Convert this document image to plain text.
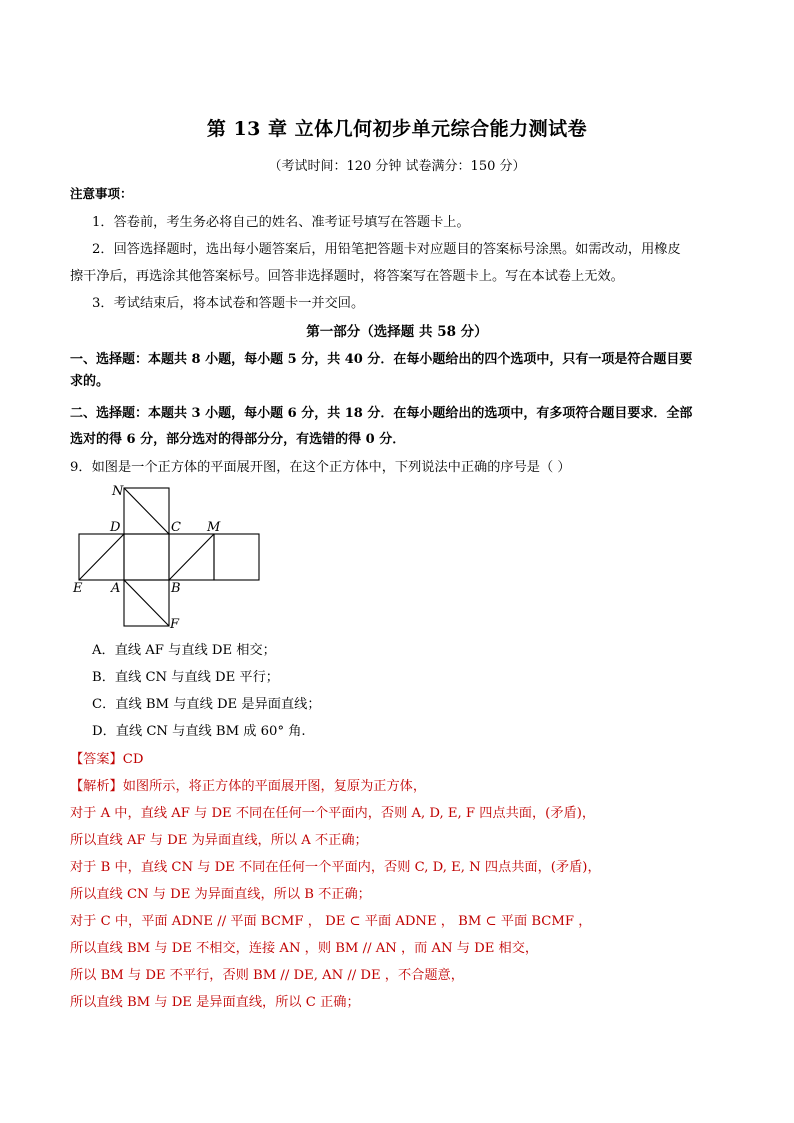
第 13 章 立体几何初步单元综合能力测试卷
（考试时间：120 分钟 试卷满分：150 分）
注意事项：
1．答卷前，考生务必将自己的姓名、准考证号填写在答题卡上。
2．回答选择题时，选出每小题答案后，用铅笔把答题卡对应题目的答案标号涂黑。如需改动，用橡皮
擦干净后，再选涂其他答案标号。回答非选择题时，将答案写在答题卡上。写在本试卷上无效。
3．考试结束后，将本试卷和答题卡一并交回。
第一部分（选择题 共 58 分）
一、选择题：本题共 8 小题，每小题 5 分，共 40 分．在每小题给出的四个选项中，只有一项是符合题目要
求的。
二、选择题：本题共 3 小题，每小题 6 分，共 18 分．在每小题给出的选项中，有多项符合题目要求．全部
选对的得 6 分，部分选对的得部分分，有选错的得 0 分．
9．如图是一个正方体的平面展开图，在这个正方体中，下列说法中正确的序号是（ ）
N
D	C M
E A	B
F
A．直线 AF 与直线 DE 相交；
B．直线 CN 与直线 DE 平行；
C．直线 BM 与直线 DE 是异面直线；
D．直线 CN 与直线 BM 成 60° 角.
【答案】CD
【解析】如图所示，将正方体的平面展开图，复原为正方体，
对于 A 中，直线 AF 与 DE 不同在任何一个平面内，否则 A, D, E, F 四点共面，(矛盾)，
所以直线 AF 与 DE 为异面直线，所以 A 不正确；
对于 B 中，直线 CN 与 DE 不同在任何一个平面内，否则 C, D, E, N 四点共面，(矛盾)，
所以直线 CN 与 DE 为异面直线，所以 B 不正确；
对于 C 中，平面 ADNE // 平面 BCMF ， DE ⊂ 平面 ADNE ， BM ⊂ 平面 BCMF ，
所以直线 BM 与 DE 不相交，连接 AN ，则 BM // AN ，而 AN 与 DE 相交，
所以 BM 与 DE 不平行，否则 BM // DE, AN // DE ，不合题意，
所以直线 BM 与 DE 是异面直线，所以 C 正确；
